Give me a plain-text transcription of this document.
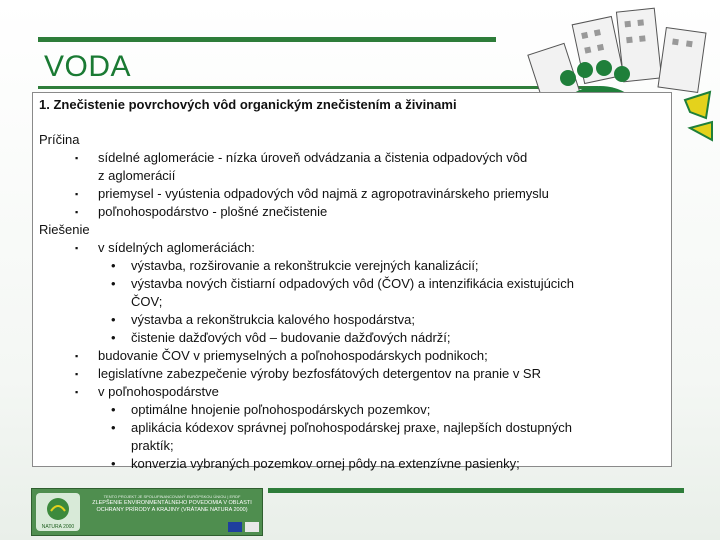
VODA
1. Znečistenie povrchových vôd organickým znečistením a živinami
Príčina
▪ sídelné aglomerácie - nízka úroveň odvádzania a čistenia odpadových vôd
z aglomerácií
▪ priemysel - vyústenia odpadových vôd najmä z agropotravinárskeho priemyslu
▪ poľnohospodárstvo - plošné znečistenie
Riešenie
▪ v sídelných aglomeráciách:
• výstavba, rozširovanie a rekonštrukcie verejných kanalizácií;
• výstavba nových čistiarní odpadových vôd (ČOV) a intenzifikácia existujúcich
ČOV;
• výstavba a rekonštrukcia kalového hospodárstva;
• čistenie dažďových vôd – budovanie dažďových nádrží;
▪ budovanie ČOV v priemyselných a poľnohospodárskych podnikoch;
▪ legislatívne zabezpečenie výroby bezfosfátových detergentov na pranie v SR
▪ v poľnohospodárstve
• optimálne hnojenie poľnohospodárskych pozemkov;
• aplikácia kódexov správnej poľnohospodárskej praxe, najlepších dostupných
praktík;
• konverzia vybraných pozemkov ornej pôdy na extenzívne pasienky;
NATURA 2000
TENTO PROJEKT JE SPOLUFINANCOVANÝ EURÓPSKOU ÚNIOU | ERDF
ZLEPŠENIE ENVIRONMENTÁLNEHO POVEDOMIA V OBLASTI
OCHRANY PRÍRODY A KRAJINY (VRÁTANE NATURA 2000)
